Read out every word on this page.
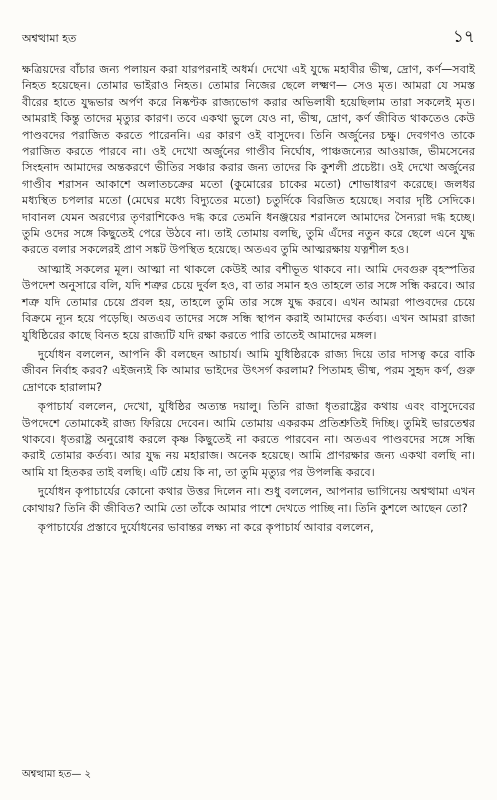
অশ্বত্থামা হত	১৭

ক্ষত্রিয়দের বাঁচার জন্য পলায়ন করা যারপরনাই অধর্ম। দেখো এই যুদ্ধে মহাবীর ভীষ্ম, দ্রোণ, কর্ণ—সবাই নিহত হয়েছেন। তোমার ভাইরাও নিহত। তোমার নিজের ছেলে লক্ষ্মণ— সেও মৃত। আমরা যে সমস্ত বীরের হাতে যুদ্ধভার অর্পণ করে নিষ্কণ্টক রাজ্যভোগ করার অভিলাষী হয়েছিলাম তারা সকলেই মৃত। আমরাই কিন্তু তাদের মৃত্যুর কারণ। তবে একথা ভুলে যেও না, ভীষ্ম, দ্রোণ, কর্ণ জীবিত থাকতেও কেউ পাণ্ডবদের পরাজিত করতে পারেননি। এর কারণ ওই বাসুদেব। তিনি অর্জুনের চক্ষু। দেবগণও তাকে পরাজিত করতে পারবে না। ওই দেখো অর্জুনের গাণ্ডীব নির্ঘোষ, পাঞ্চজন্যের আওয়াজ, ভীমসেনের সিংহনাদ আমাদের অন্তকরণে ভীতির সঞ্চার করার জন্য তাদের কি কুশলী প্রচেষ্টা। ওই দেখো অর্জুনের গাণ্ডীব শরাসন আকাশে অলাতচক্রের মতো (কুমোরের চাকের মতো) শোভাধারণ করেছে। জলধর মধ্যস্থিত চপলার মতো (মেঘের মধ্যে বিদ্যুতের মতো) চতুর্দিকে বিরজিত হয়েছে। সবার দৃষ্টি সেদিকে। দাবানল যেমন অরণ্যের তৃণরাশিকেও দগ্ধ করে তেমনি ধনঞ্জয়ের শরানলে আমাদের সৈন্যরা দগ্ধ হচ্ছে। তুমি ওদের সঙ্গে কিছুতেই পেরে উঠবে না। তাই তোমায় বলছি, তুমি এঁদের নতুন করে ছেলে এনে যুদ্ধ করতে বলার সকলেরই প্রাণ সঙ্কট উপস্থিত হয়েছে। অতএব তুমি আত্মরক্ষায় যত্নশীল হও।

আত্মাই সকলের মূল। আত্মা না থাকলে কেউই আর বশীভূত থাকবে না। আমি দেবগুরু বৃহস্পতির উপদেশ অনুসারে বলি, যদি শত্রুর চেয়ে দুর্বল হও, বা তার সমান হও তাহলে তার সঙ্গে সন্ধি করবে। আর শত্রু যদি তোমার চেয়ে প্রবল হয়, তাহলে তুমি তার সঙ্গে যুদ্ধ করবে। এখন আমরা পাণ্ডবদের চেয়ে বিক্রমে ন্যূন হয়ে পড়েছি। অতএব তাদের সঙ্গে সন্ধি স্থাপন করাই আমাদের কর্তব্য। এখন আমরা রাজা যুধিষ্ঠিরের কাছে বিনত হয়ে রাজ্যটি যদি রক্ষা করতে পারি তাতেই আমাদের মঙ্গল।

দুর্যোধন বললেন, আপনি কী বলছেন আচার্য। আমি যুধিষ্ঠিরকে রাজ্য দিয়ে তার দাসত্ব করে বাকি জীবন নির্বাহ করব? এইজন্যই কি আমার ভাইদের উৎসর্গ করলাম? পিতামহ ভীষ্ম, পরম সুহৃদ কর্ণ, গুরু দ্রোণকে হারালাম?

কৃপাচার্য বললেন, দেখো, যুধিষ্ঠির অত্যন্ত দয়ালু। তিনি রাজা ধৃতরাষ্ট্রের কথায় এবং বাসুদেবের উপদেশে তোমাকেই রাজ্য ফিরিয়ে দেবেন। আমি তোমায় একরকম প্রতিশ্রুতিই দিচ্ছি। তুমিই ভারতেশ্বর থাকবে। ধৃতরাষ্ট্র অনুরোধ করলে কৃষ্ণ কিছুতেই না করতে পারবেন না। অতএব পাণ্ডবদের সঙ্গে সন্ধি করাই তোমার কর্তব্য। আর যুদ্ধ নয় মহারাজ। অনেক হয়েছে। আমি প্রাণরক্ষার জন্য একথা বলছি না। আমি যা হিতকর তাই বলছি। এটি শ্রেয় কি না, তা তুমি মৃত্যুর পর উপলব্ধি করবে।

দুর্যোধন কৃপাচার্যের কোনো কথার উত্তর দিলেন না। শুধু বললেন, আপনার ভাগিনেয় অশ্বত্থামা এখন কোথায়? তিনি কী জীবিত? আমি তো তাঁকে আমার পাশে দেখতে পাচ্ছি না। তিনি কুশলে আছেন তো?

কৃপাচার্যের প্রস্তাবে দুর্যোধনের ভাবান্তর লক্ষ্য না করে কৃপাচার্য আবার বললেন,

অশ্বত্থামা হত— ২
